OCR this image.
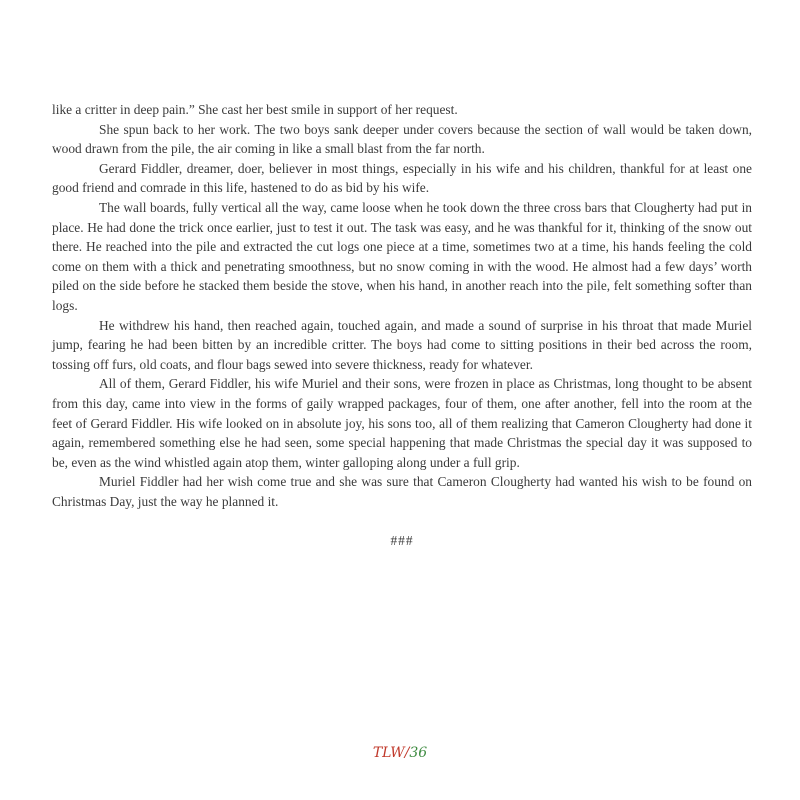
like a critter in deep pain.” She cast her best smile in support of her request.

She spun back to her work. The two boys sank deeper under covers because the section of wall would be taken down, wood drawn from the pile, the air coming in like a small blast from the far north.

Gerard Fiddler, dreamer, doer, believer in most things, especially in his wife and his children, thankful for at least one good friend and comrade in this life, hastened to do as bid by his wife.

The wall boards, fully vertical all the way, came loose when he took down the three cross bars that Clougherty had put in place. He had done the trick once earlier, just to test it out. The task was easy, and he was thankful for it, thinking of the snow out there. He reached into the pile and extracted the cut logs one piece at a time, sometimes two at a time, his hands feeling the cold come on them with a thick and penetrating smoothness, but no snow coming in with the wood. He almost had a few days’ worth piled on the side before he stacked them beside the stove, when his hand, in another reach into the pile, felt something softer than logs.

He withdrew his hand, then reached again, touched again, and made a sound of surprise in his throat that made Muriel jump, fearing he had been bitten by an incredible critter. The boys had come to sitting positions in their bed across the room, tossing off furs, old coats, and flour bags sewed into severe thickness, ready for whatever.

All of them, Gerard Fiddler, his wife Muriel and their sons, were frozen in place as Christmas, long thought to be absent from this day, came into view in the forms of gaily wrapped packages, four of them, one after another, fell into the room at the feet of Gerard Fiddler. His wife looked on in absolute joy, his sons too, all of them realizing that Cameron Clougherty had done it again, remembered something else he had seen, some special happening that made Christmas the special day it was supposed to be, even as the wind whistled again atop them, winter galloping along under a full grip.

Muriel Fiddler had her wish come true and she was sure that Cameron Clougherty had wanted his wish to be found on Christmas Day, just the way he planned it.

###
TLW/36
